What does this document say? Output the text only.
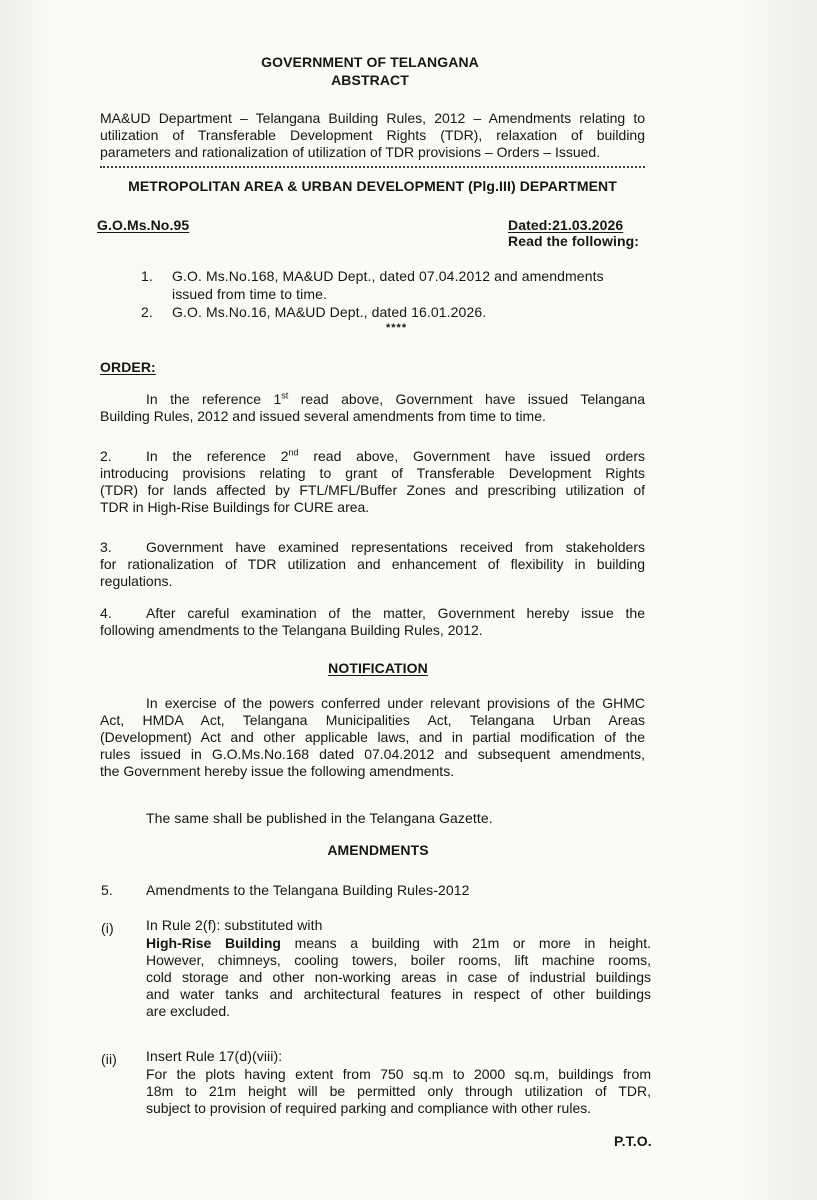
GOVERNMENT OF TELANGANA
ABSTRACT
MA&UD Department – Telangana Building Rules, 2012 – Amendments relating to
utilization of Transferable Development Rights (TDR), relaxation of building
parameters and rationalization of utilization of TDR provisions – Orders – Issued.
METROPOLITAN AREA & URBAN DEVELOPMENT (Plg.III) DEPARTMENT
G.O.Ms.No.95	Dated:21.03.2026
Read the following:
1. G.O. Ms.No.168, MA&UD Dept., dated 07.04.2012 and amendments
issued from time to time.
2. G.O. Ms.No.16, MA&UD Dept., dated 16.01.2026.
****
ORDER:
In the reference 1st read above, Government have issued Telangana
Building Rules, 2012 and issued several amendments from time to time.
2.	In the reference 2nd read above, Government have issued orders
introducing provisions relating to grant of Transferable Development Rights
(TDR) for lands affected by FTL/MFL/Buffer Zones and prescribing utilization of
TDR in High-Rise Buildings for CURE area.
3.	Government have examined representations received from stakeholders
for rationalization of TDR utilization and enhancement of flexibility in building
regulations.
4.	After careful examination of the matter, Government hereby issue the
following amendments to the Telangana Building Rules, 2012.
NOTIFICATION
In exercise of the powers conferred under relevant provisions of the GHMC
Act, HMDA Act, Telangana Municipalities Act, Telangana Urban Areas
(Development) Act and other applicable laws, and in partial modification of the
rules issued in G.O.Ms.No.168 dated 07.04.2012 and subsequent amendments,
the Government hereby issue the following amendments.
The same shall be published in the Telangana Gazette.
AMENDMENTS
5. Amendments to the Telangana Building Rules-2012
(i) In Rule 2(f): substituted with
High-Rise Building means a building with 21m or more in height.
However, chimneys, cooling towers, boiler rooms, lift machine rooms,
cold storage and other non-working areas in case of industrial buildings
and water tanks and architectural features in respect of other buildings
are excluded.
(ii) Insert Rule 17(d)(viii):
For the plots having extent from 750 sq.m to 2000 sq.m, buildings from
18m to 21m height will be permitted only through utilization of TDR,
subject to provision of required parking and compliance with other rules.
P.T.O.
